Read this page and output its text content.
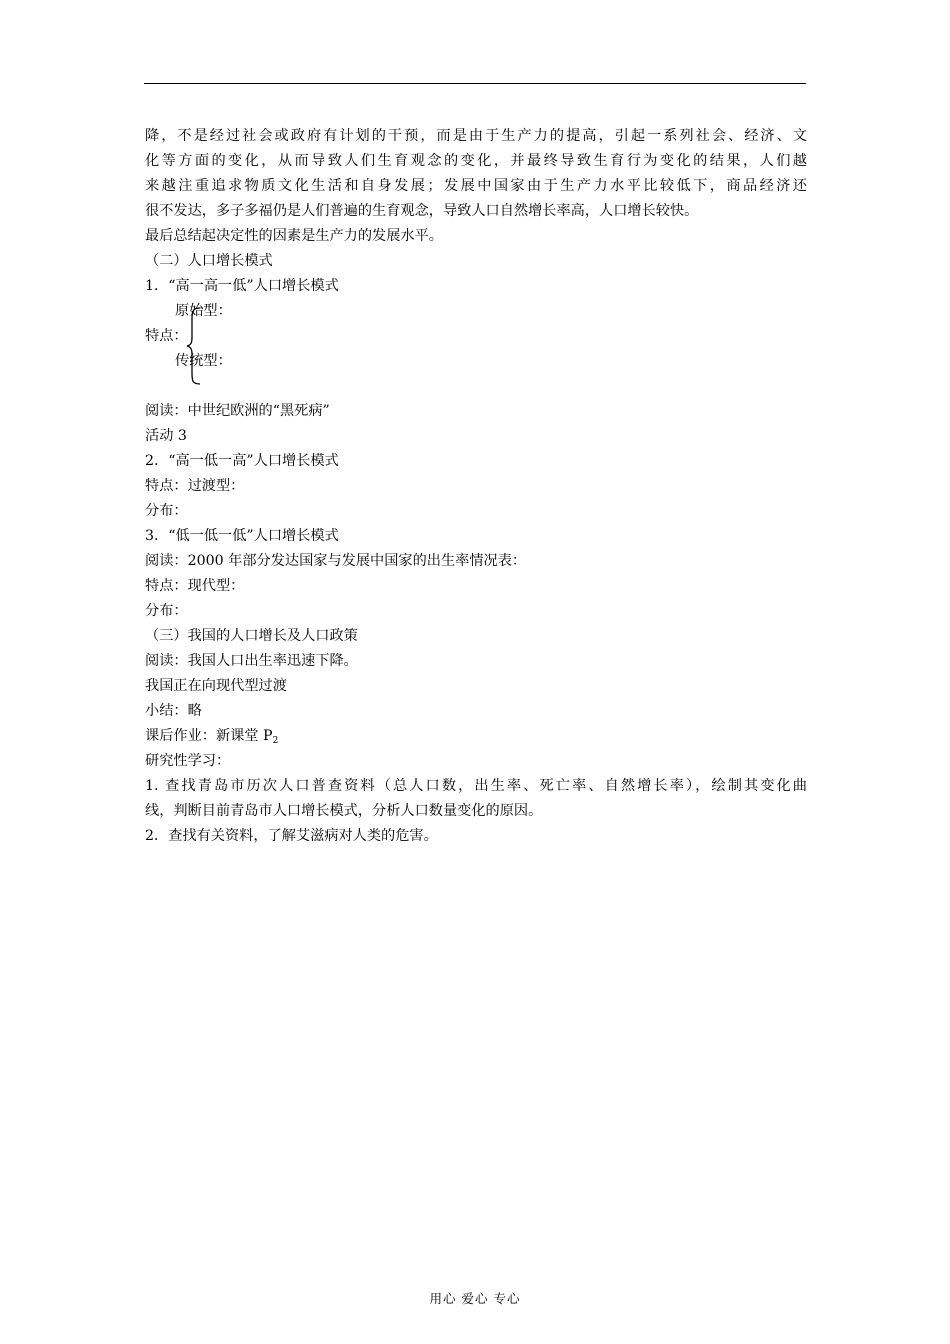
降，不是经过社会或政府有计划的干预，而是由于生产力的提高，引起一系列社会、经济、文
化等方面的变化，从而导致人们生育观念的变化，并最终导致生育行为变化的结果，人们越
来越注重追求物质文化生活和自身发展；发展中国家由于生产力水平比较低下，商品经济还
很不发达，多子多福仍是人们普遍的生育观念，导致人口自然增长率高，人口增长较快。
最后总结起决定性的因素是生产力的发展水平。
（二）人口增长模式
1．“高一高一低”人口增长模式
原始型：
特点：
传统型：
阅读：中世纪欧洲的“黑死病”
活动 3
2．“高一低一高”人口增长模式
特点：过渡型：
分布：
3．“低一低一低”人口增长模式
阅读：2000 年部分发达国家与发展中国家的出生率情况表：
特点：现代型：
分布：
（三）我国的人口增长及人口政策
阅读：我国人口出生率迅速下降。
我国正在向现代型过渡
小结：略
课后作业：新课堂 $P_2$
研究性学习：
1. 查找青岛市历次人口普查资料（总人口数，出生率、死亡率、自然增长率），绘制其变化曲
线，判断目前青岛市人口增长模式，分析人口数量变化的原因。
2．查找有关资料，了解艾滋病对人类的危害。
用心 爱心 专心
